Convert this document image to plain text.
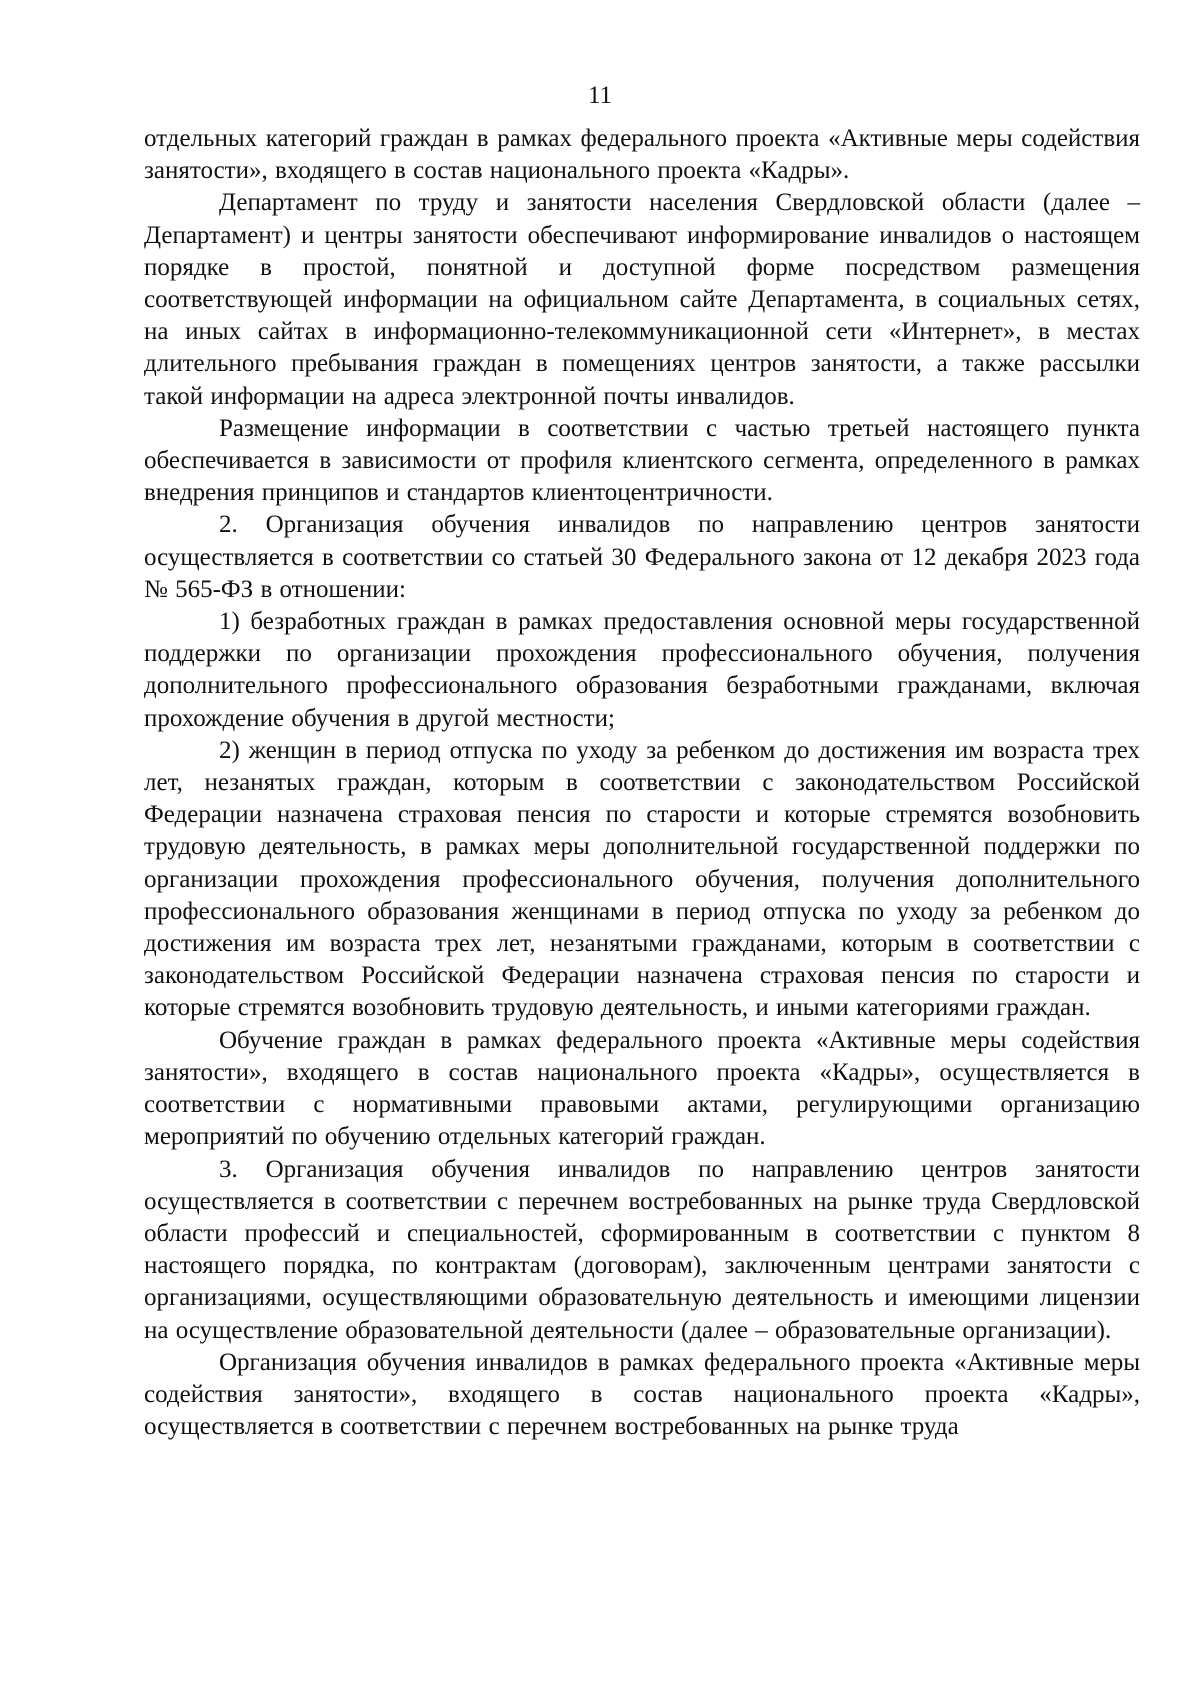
11

отдельных категорий граждан в рамках федерального проекта «Активные меры содействия занятости», входящего в состав национального проекта «Кадры».

Департамент по труду и занятости населения Свердловской области (далее – Департамент) и центры занятости обеспечивают информирование инвалидов о настоящем порядке в простой, понятной и доступной форме посредством размещения соответствующей информации на официальном сайте Департамента, в социальных сетях, на иных сайтах в информационно-телекоммуникационной сети «Интернет», в местах длительного пребывания граждан в помещениях центров занятости, а также рассылки такой информации на адреса электронной почты инвалидов.

Размещение информации в соответствии с частью третьей настоящего пункта обеспечивается в зависимости от профиля клиентского сегмента, определенного в рамках внедрения принципов и стандартов клиентоцентричности.

2. Организация обучения инвалидов по направлению центров занятости осуществляется в соответствии со статьей 30 Федерального закона от 12 декабря 2023 года № 565-ФЗ в отношении:

1) безработных граждан в рамках предоставления основной меры государственной поддержки по организации прохождения профессионального обучения, получения дополнительного профессионального образования безработными гражданами, включая прохождение обучения в другой местности;

2) женщин в период отпуска по уходу за ребенком до достижения им возраста трех лет, незанятых граждан, которым в соответствии с законодательством Российской Федерации назначена страховая пенсия по старости и которые стремятся возобновить трудовую деятельность, в рамках меры дополнительной государственной поддержки по организации прохождения профессионального обучения, получения дополнительного профессионального образования женщинами в период отпуска по уходу за ребенком до достижения им возраста трех лет, незанятыми гражданами, которым в соответствии с законодательством Российской Федерации назначена страховая пенсия по старости и которые стремятся возобновить трудовую деятельность, и иными категориями граждан.

Обучение граждан в рамках федерального проекта «Активные меры содействия занятости», входящего в состав национального проекта «Кадры», осуществляется в соответствии с нормативными правовыми актами, регулирующими организацию мероприятий по обучению отдельных категорий граждан.

3. Организация обучения инвалидов по направлению центров занятости осуществляется в соответствии с перечнем востребованных на рынке труда Свердловской области профессий и специальностей, сформированным в соответствии с пунктом 8 настоящего порядка, по контрактам (договорам), заключенным центрами занятости с организациями, осуществляющими образовательную деятельность и имеющими лицензии на осуществление образовательной деятельности (далее – образовательные организации).

Организация обучения инвалидов в рамках федерального проекта «Активные меры содействия занятости», входящего в состав национального проекта «Кадры», осуществляется в соответствии с перечнем востребованных на рынке труда
